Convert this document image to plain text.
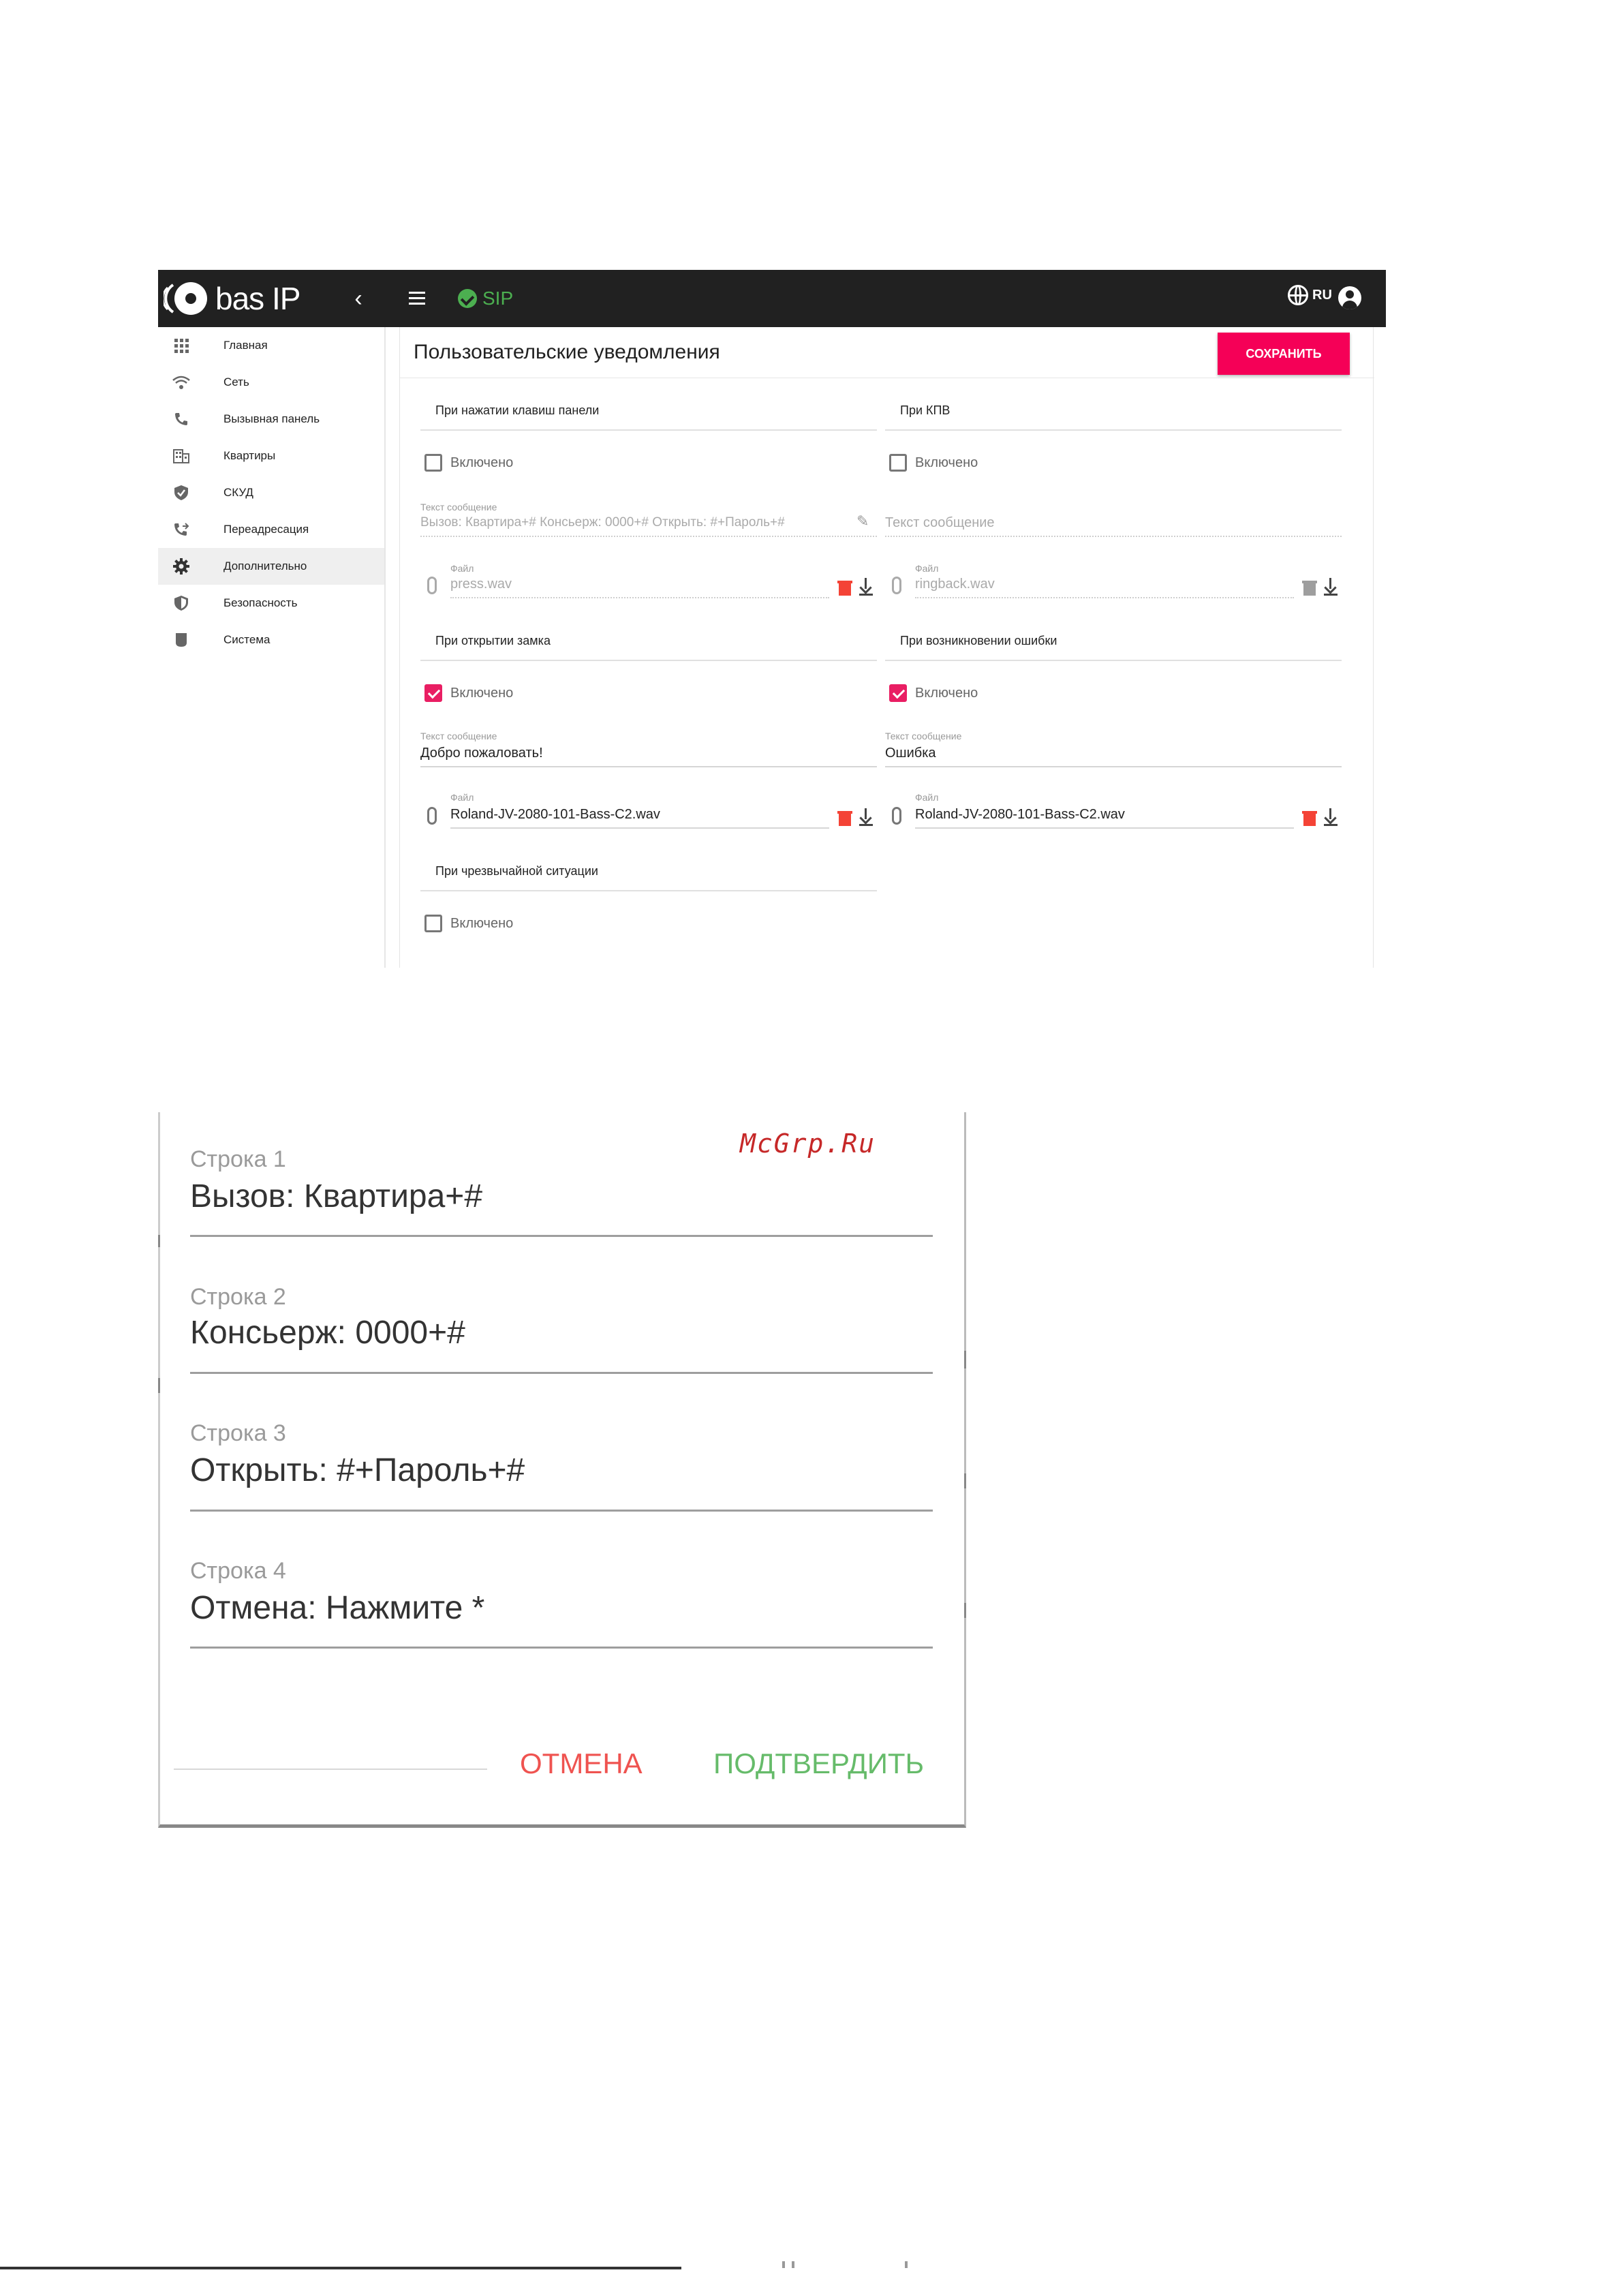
bas IP	‹	SIP	RU
Главная
Сеть
Вызывная панель
Квартиры
СКУД
Переадресация
Дополнительно
Безопасность
Система
Пользовательские уведомления	СОХРАНИТЬ
При нажатии клавиш панели
Включено
Текст сообщение
Вызов: Квартира+# Консьерж: 0000+# Открыть: #+Пароль+#	✎
Файл
press.wav
При КПВ
Включено
Текст сообщение
Файл
ringback.wav
При открытии замка
Включено
Текст сообщение
Добро пожаловать!
Файл
Roland-JV-2080-101-Bass-C2.wav
При возникновении ошибки
Включено
Текст сообщение
Ошибка
Файл
Roland-JV-2080-101-Bass-C2.wav
При чрезвычайной ситуации
Включено
Строка 1
Вызов: Квартира+#
Строка 2
Консьерж: 0000+#
Строка 3
Открыть: #+Пароль+#
Строка 4
Отмена: Нажмите *
ОТМЕНА ПОДТВЕРДИТЬ
McGrp.Ru
